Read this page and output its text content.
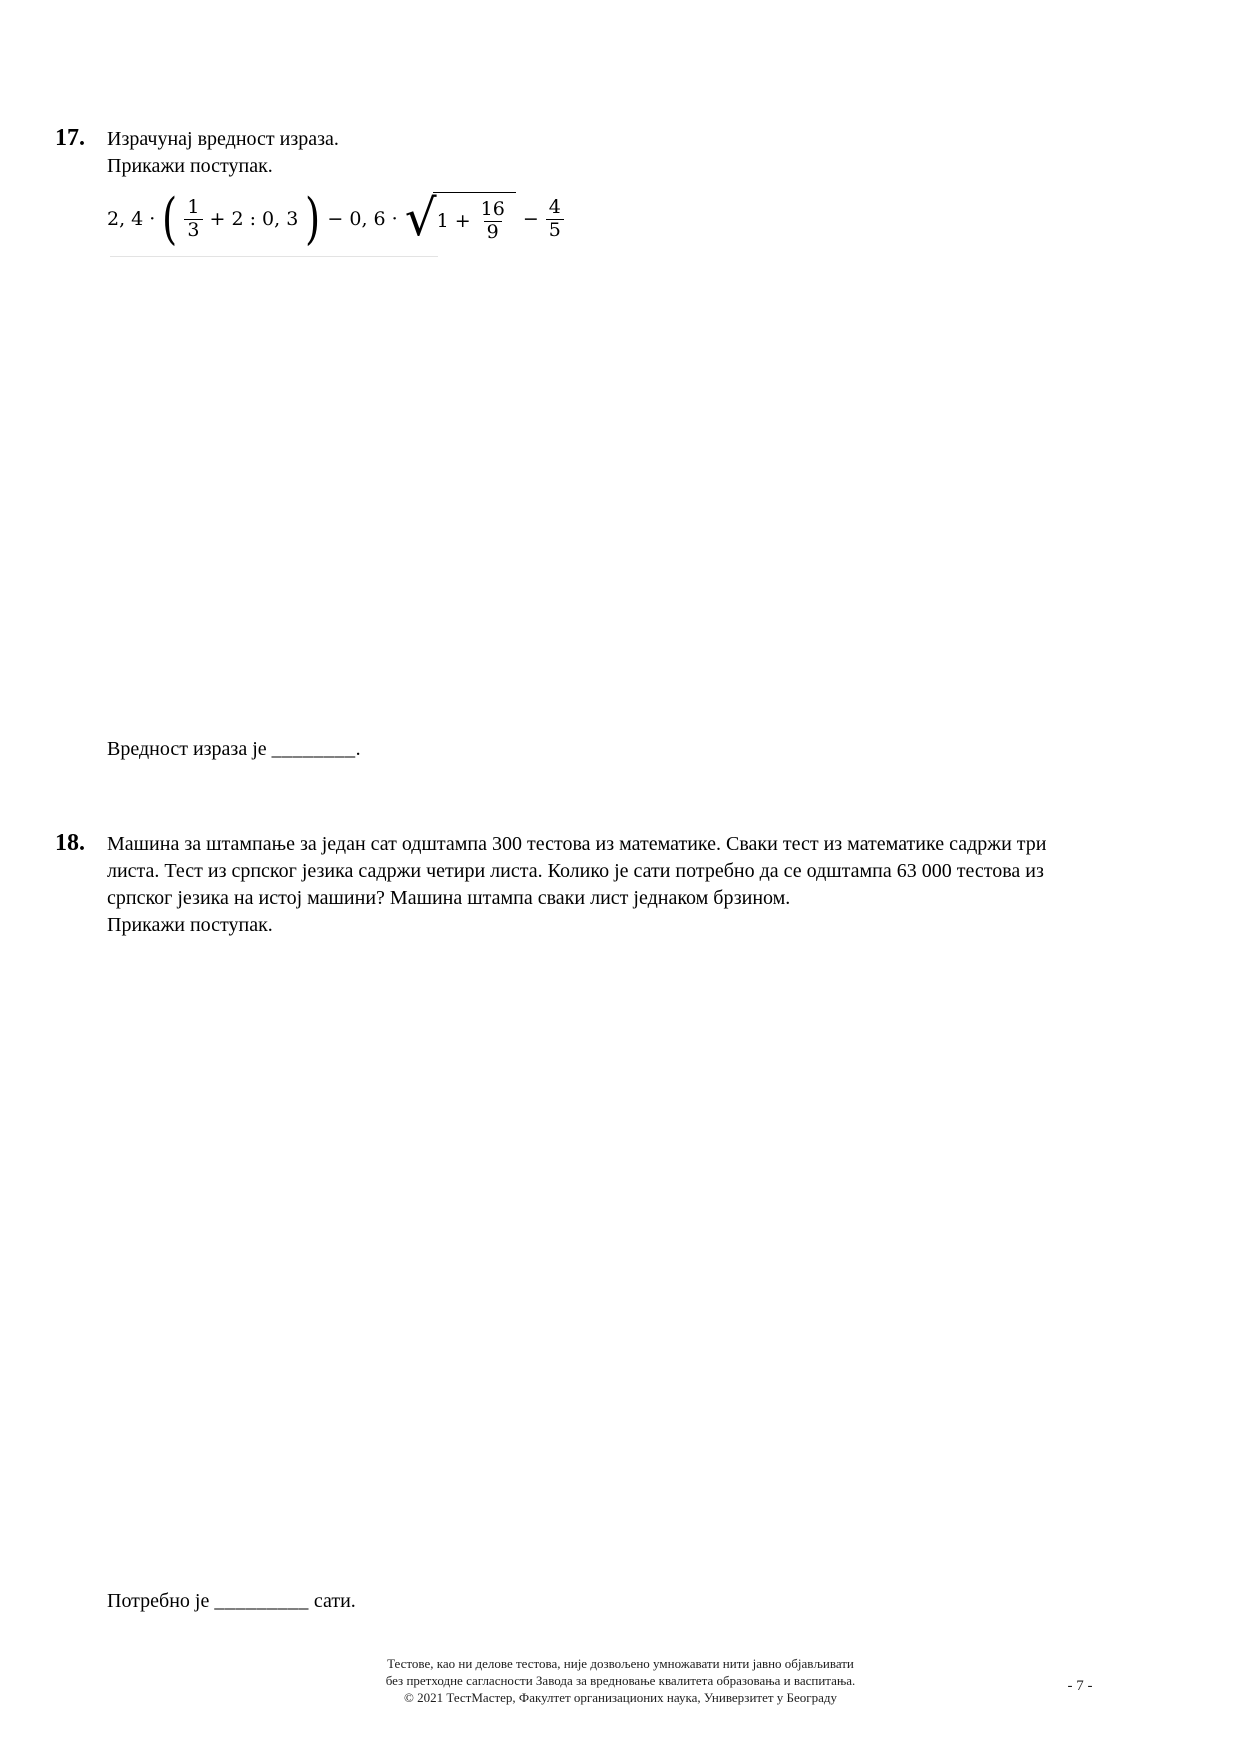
17. Израчунај вредност израза.
Прикажи поступак.
2, 4 · ( $\frac{1}{3} + 2$ : 0, 3 ) − 0, 6 · √ $1 + \frac{16}{9} - \frac{4}{5}$
Вредност израза је ________.
18. Машина за штампање за један сат одштампа 300 тестова из математике. Сваки тест из математике садржи три
листа. Тест из српског језика садржи четири листа. Колико је сати потребно да се одштампа 63 000 тестова из
српског језика на истој машини? Машина штампа сваки лист једнаком брзином.
Прикажи поступак.
Потребно је _________ сати.
Тестове, као ни делове тестова, није дозвољено умножавати нити јавно објављивати
без претходне сагласности Завода за вредновање квалитета образовања и васпитања.
© 2021 ТестМастер, Факултет организационих наука, Универзитет у Београду
- 7 -
